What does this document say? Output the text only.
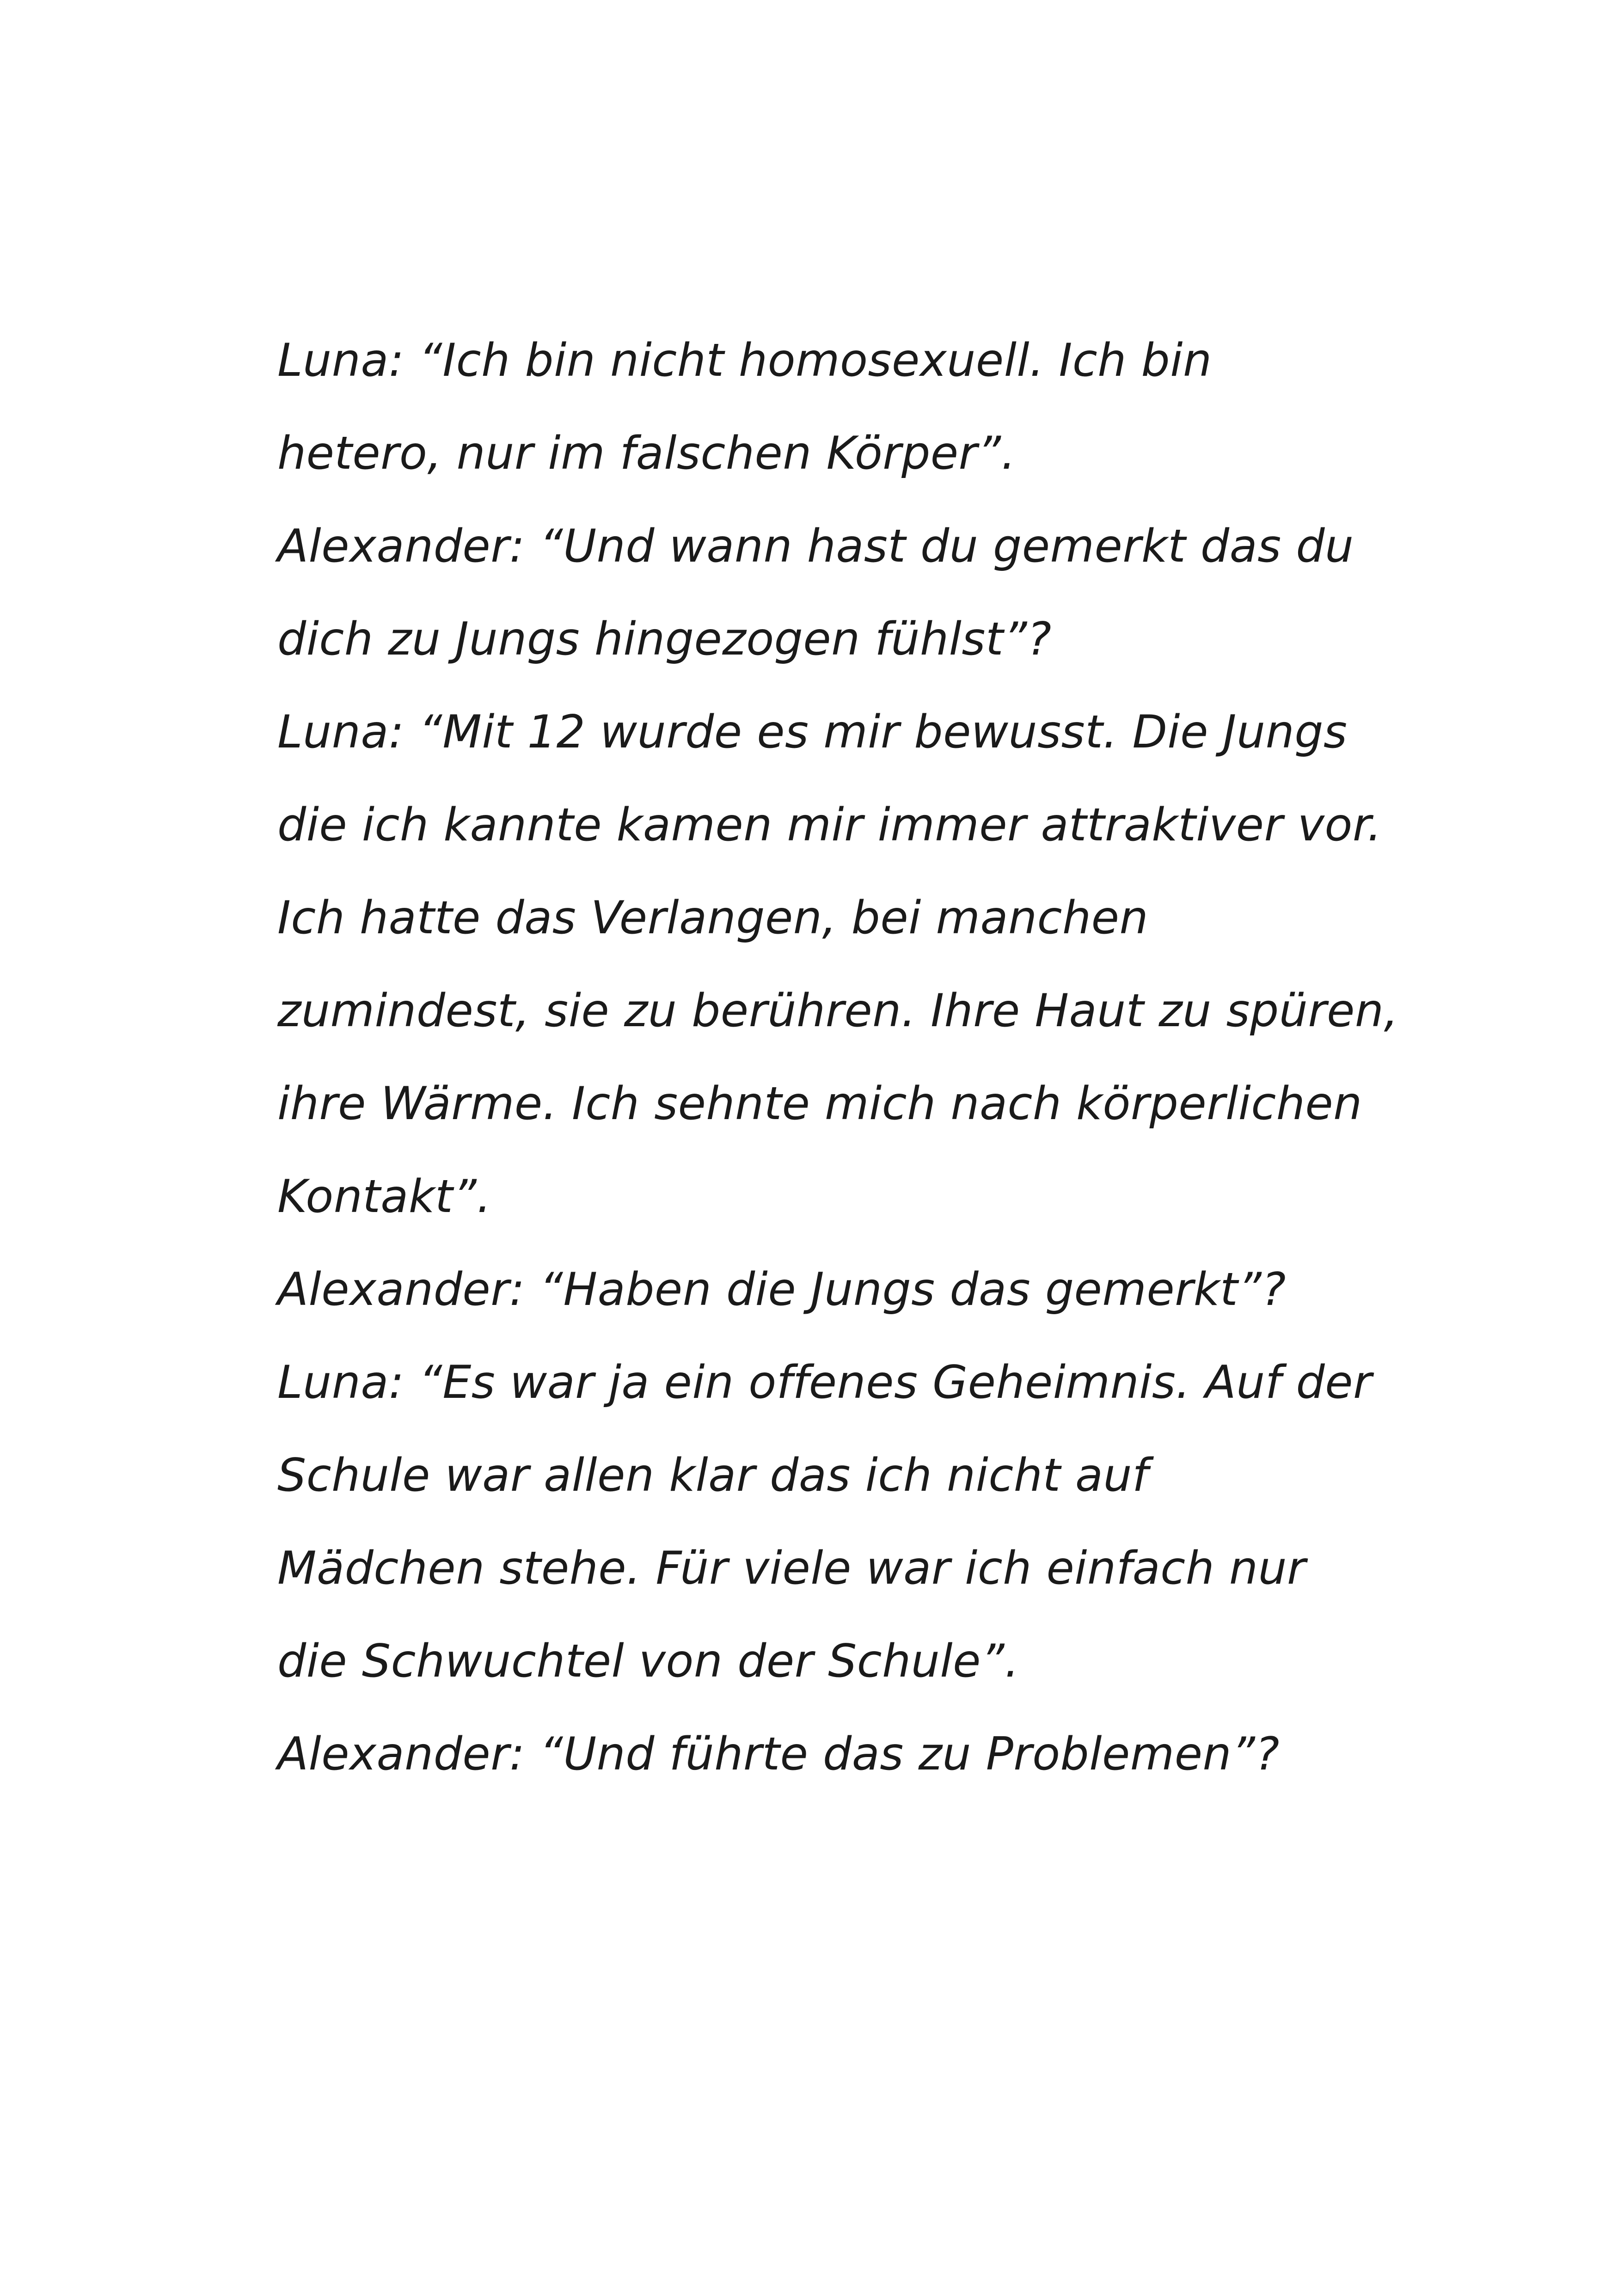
Luna: “Ich bin nicht homosexuell. Ich bin
hetero, nur im falschen Körper”.
Alexander: “Und wann hast du gemerkt das du
dich zu Jungs hingezogen fühlst”?
Luna: “Mit 12 wurde es mir bewusst. Die Jungs
die ich kannte kamen mir immer attraktiver vor.
Ich hatte das Verlangen, bei manchen
zumindest, sie zu berühren. Ihre Haut zu spüren,
ihre Wärme. Ich sehnte mich nach körperlichen
Kontakt”.
Alexander: “Haben die Jungs das gemerkt”?
Luna: “Es war ja ein offenes Geheimnis. Auf der
Schule war allen klar das ich nicht auf
Mädchen stehe. Für viele war ich einfach nur
die Schwuchtel von der Schule”.
Alexander: “Und führte das zu Problemen”?
